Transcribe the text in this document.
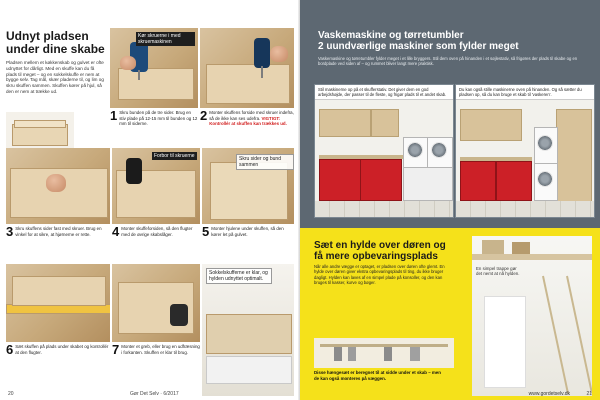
Udnyt pladsen under dine skabe
Pladsen mellem et køkkenskab og gulvet er ofte udnyttet for dårligt. Med en skuffe kan du få plads til meget – og en sokkelskuffe er nem at bygge selv. Tag mål, skær pladerne til, og lim og skru skuffen sammen. Skuffen kører på hjul, så den er nem at trække ud.
Kør skruerne i med skruemaskinen
1 Skru bunden på de tre sider. Brug en stiv plade på 12-15 mm til bunden og 12 mm til siderne.
2 Monter skuffens forside med skruer indefra, så de ikke kan ses udefra. VIGTIGT: Kontrollér at skuffen kan trækkes ud.
Forbor til skruerne	Skru sider og bund sammen
3 Skru skuffens sider fast med skruer. Brug en vinkel for at sikre, at hjørnerne er rette.	4 Monter skuffeforsiden, så den flugter med de øvrige skabslåger.	5 Monter hjulene under skuffen, så den kører let på gulvet.
Sokkelskufferne er klar, og hylden udnyttet optimalt.
6 Sæt skuffen på plads under skabet og kontrollér at den flugter.	7 Monter et greb, eller brug en udfræsning i forkanten. Skuffen er klar til brug.
20	Gør Det Selv · 6/2017
Vaskemaskine og tørretumbler
2 uundværlige maskiner som fylder meget
Vaskemaskine og tørretumbler fylder meget i et lille bryggers. Stil dem oven på hinanden i et søjlestativ, så frigøres der plads til skabe og en bordplade ved siden af – og rummet bliver langt mere praktisk.
Stil maskinerne op på et skufferstativ. Det giver dem en god arbejdshøjde, der passer til de fleste, og frigør plads til et andet skab.
Du kan også stille maskinerne oven på hinanden. Og så sætter du pladsen op, så du kan bruge et skab til 'vaskeren'.
Sæt en hylde over døren og få mere opbevaringsplads
Når alle andre vægge er optaget, er pladsen over døren ofte glemt. En hylde over døren giver ekstra opbevaringsplads til ting, du ikke bruger dagligt. Hylden kan laves af en simpel plade på konsoller, og den kan bruges til kasser, kurve og bøger.
En simpel trappe gør det nemt at nå hylden.
Disse hængesæt er beregnet til at sidde under et skab – men de kan også monteres på væggen.
www.gordetselv.dk	21
